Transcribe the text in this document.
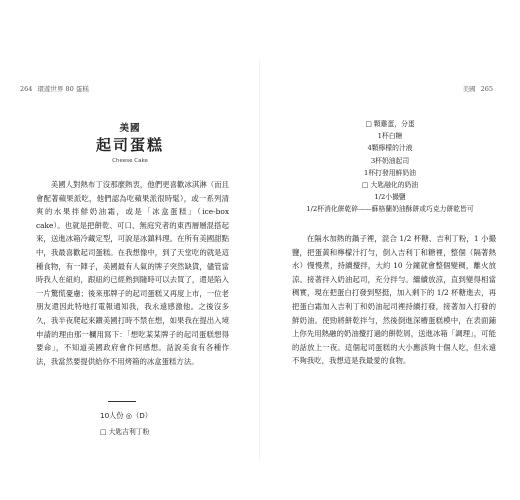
264 環遊世界 80 蛋糕
美國
起司蛋糕
Cheese Cake

美國人對熱布丁沒那麼熱衷，他們更喜歡冰淇淋（而且會配著蘋果派吃，他們認為吃蘋果派很時髦），或一系列清爽的水果拌鮮奶油霜，或是「冰盒蛋糕」（ice-box cake）。也就是把餅乾、可口、無庭究者的東西層層混搭起來，送進冰箱冷藏定型，可說是冰鎮料理。在所有美國甜點中，我最喜歡起司蛋糕。在我想像中，到了天堂吃的就是這種食物，有一陣子，美國最有人氣的牌子突然缺貨，儘管當時我人在紐約，跟紐約已經熟到隨時可以去買了，還是陷入一片驚慌憂慮；後來那牌子的起司蛋糕又再度上市，一位老朋友還因此特地打電報通知我，我永遠感激他。之後沒多久，我半夜爬起來鑽美國打時不禁在想，如果我在提出入境申請的理由那一欄用寫下：「想吃某某牌子的起司蛋糕想得要命」，不知道美國政府會作何感想。話說美食有各種作法，我當然要提供給你不用烤箱的冰盒蛋糕方法。

10人份 ◎（D）
□ 大匙吉利丁粉
美國 265
□ 顆雞蛋，分蛋
1杯白糖
4顆檸檬的汁液
3杯奶油起司
1杯打發用鮮奶油
□ 大匙融化的奶油
1/2小撮鹽
1/2杯消化餅乾碎——蘇格蘭奶油酥餅或巧克力餅乾皆可

在隔水加熱的鍋子裡，混合 1/2 杯糖、吉利丁粉，1 小撮鹽，把蛋黃和檸檬汁打勻，倒入吉利丁和糖裡，整個（隔著熱水）慢慢煮，持續攪拌，大約 10 分鐘就會整個變稠，離火放涼。接著拌入奶油起司，充分拌勻。繼續放涼，直到變得相當稠實，現在把蛋白打發到堅挺，加入剩下的 1/2 杯糖進去，再把蛋白霜加入吉利丁和奶油起司裡持續打發，接著加入打發的鮮奶油。使勁將餅乾拌勻，然後倒進深槽蛋糕模中，在表面鋪上你先用熱融的奶油攪打過的餅乾屑，送進冰箱「調理」，可能的話放上一夜。這個起司蛋糕的大小應該夠十個人吃，但永遠不夠我吃，我想這是我最愛的食物。
